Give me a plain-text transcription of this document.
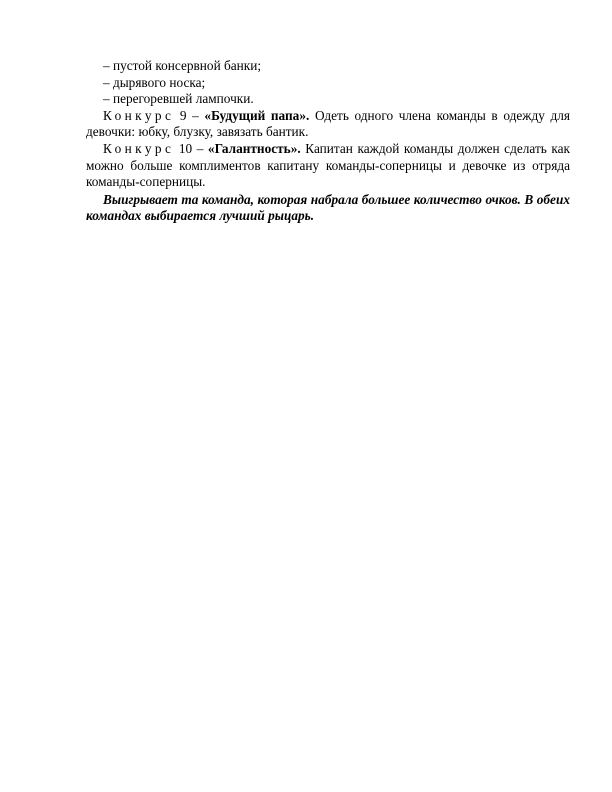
– пустой консервной банки;

– дырявого носка;

– перегоревшей лампочки.

Конкурс 9 – «Будущий папа». Одеть одного члена команды в одежду для девочки: юбку, блузку, завязать бантик.

Конкурс 10 – «Галантность». Капитан каждой команды должен сделать как можно больше комплиментов капитану команды-соперницы и девочке из отряда команды-соперницы.

Выигрывает та команда, которая набрала большее количество очков. В обеих командах выбирается лучший рыцарь.
